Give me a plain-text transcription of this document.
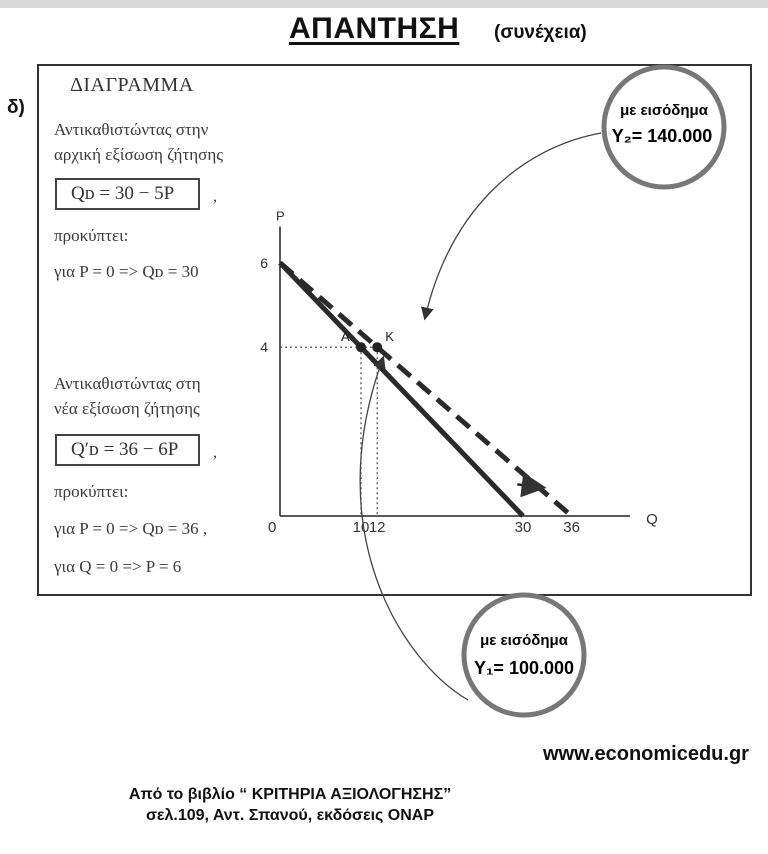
ΑΠΑΝΤΗΣΗ (συνέχεια)
δ)
ΔΙΑΓΡΑΜΜΑ
Αντικαθιστώντας στην
αρχική εξίσωση ζήτησης
Qᴅ = 30 − 5P	,
προκύπτει:
για P = 0 => Qᴅ = 30
Αντικαθιστώντας στη
νέα εξίσωση ζήτησης
Q′ᴅ = 36 − 6P	,
προκύπτει:
για P = 0 => Qᴅ = 36 ,
για Q = 0 => P = 6
P
Q
0	10 12	30 36
6
4
A	K
με εισόδημα
Y₂= 140.000
με εισόδημα
Y₁= 100.000
www.economicedu.gr
Από το βιβλίο “ ΚΡΙΤΗΡΙΑ ΑΞΙΟΛΟΓΗΣΗΣ”
σελ.109, Αντ. Σπανού, εκδόσεις ΟΝΑΡ
